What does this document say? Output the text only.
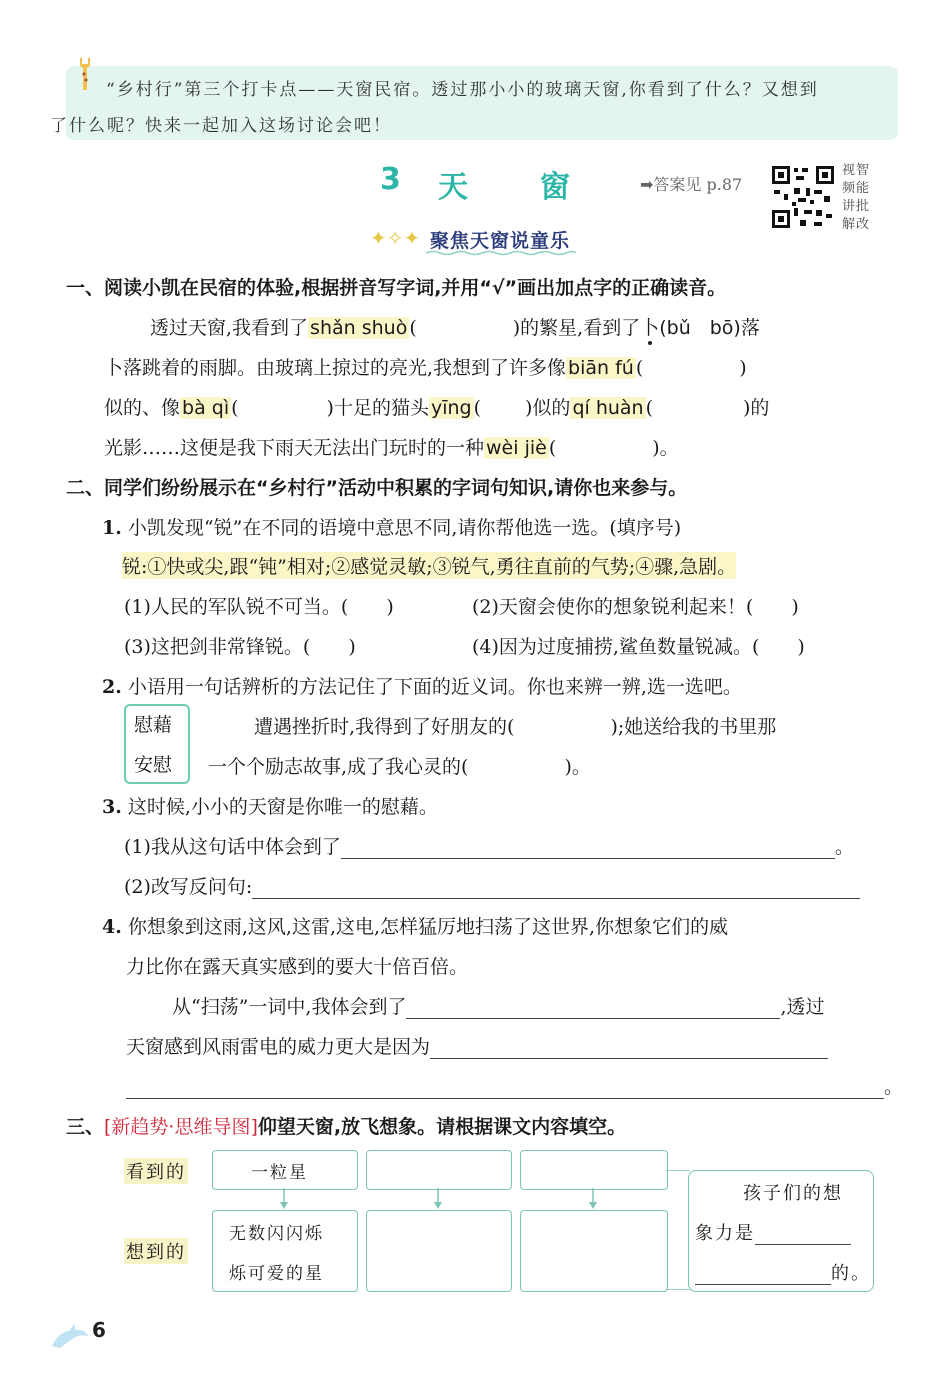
“乡村行”第三个打卡点——天窗民宿。透过那小小的玻璃天窗,你看到了什么？又想到
了什么呢？快来一起加入这场讨论会吧！
3 天窗
➡答案见 p.87
视智频能讲批解改
✦✧✦ 聚焦天窗说童乐
一、阅读小凯在民宿的体验,根据拼音写字词,并用“√”画出加点字的正确读音。
透过天窗,我看到了 shǎn shuò (	)的繁星,看到了卜(bǔ　bō)落
卜落跳着的雨脚。由玻璃上掠过的亮光,我想到了许多像 biān fú (	)
似的、像 bà qì (	)十足的猫头 yīng ( )似的 qí huàn (	)的
光影……这便是我下雨天无法出门玩时的一种 wèi jiè (	)。
二、同学们纷纷展示在“乡村行”活动中积累的字词句知识,请你也来参与。
1. 小凯发现“锐”在不同的语境中意思不同,请你帮他选一选。(填序号)
锐:①快或尖,跟“钝”相对;②感觉灵敏;③锐气,勇往直前的气势;④骤,急剧。
(1)人民的军队锐不可当。(　　)	(2)天窗会使你的想象锐利起来！(　　)
(3)这把剑非常锋锐。(　　)	(4)因为过度捕捞,鲨鱼数量锐减。(　　)
2. 小语用一句话辨析的方法记住了下面的近义词。你也来辨一辨,选一选吧。
慰藉
安慰
遭遇挫折时,我得到了好朋友的(	);她送给我的书里那
一个个励志故事,成了我心灵的(	)。
3. 这时候,小小的天窗是你唯一的慰藉。
(1)我从这句话中体会到了	。
(2)改写反问句:
4. 你想象到这雨,这风,这雷,这电,怎样猛厉地扫荡了这世界,你想象它们的威
力比你在露天真实感到的要大十倍百倍。
从“扫荡”一词中,我体会到了	,透过
天窗感到风雨雷电的威力更大是因为
。
三、[新趋势·思维导图]仰望天窗,放飞想象。请根据课文内容填空。
看到的
想到的
一粒星
无数闪闪烁
烁可爱的星
孩子们的想
象力是
的。
6
